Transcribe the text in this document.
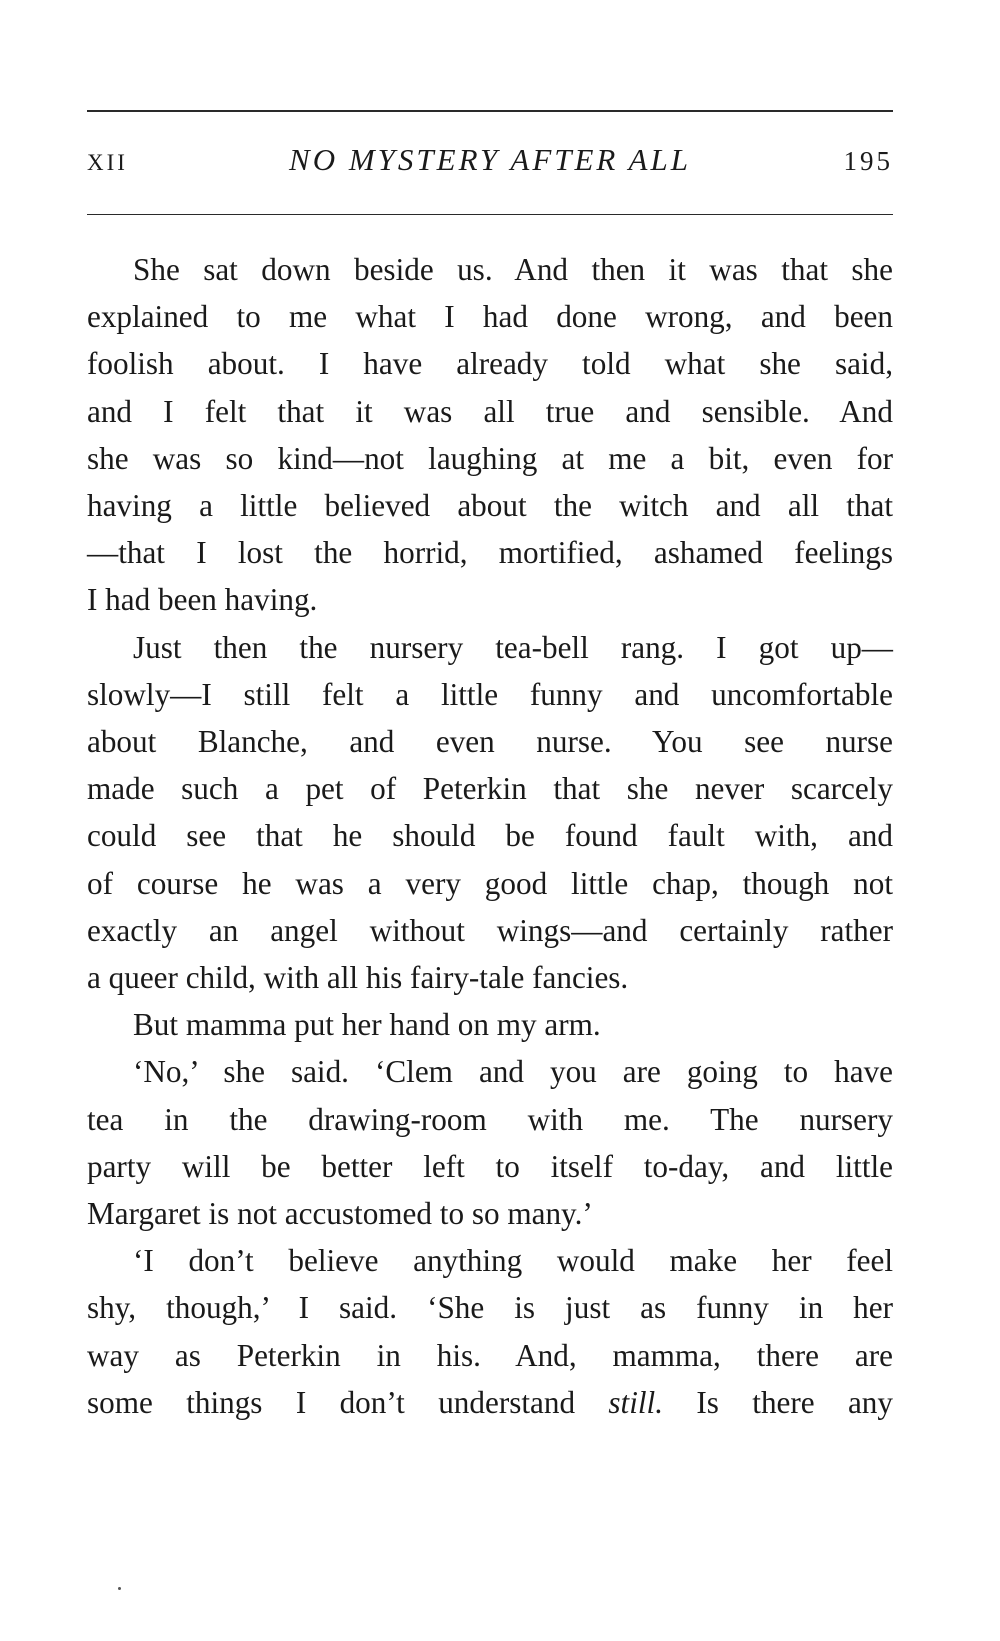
XII	NO MYSTERY AFTER ALL	195
She sat down beside us. And then it was that she
explained to me what I had done wrong, and been
foolish about. I have already told what she said,
and I felt that it was all true and sensible. And
she was so kind—not laughing at me a bit, even for
having a little believed about the witch and all that
—that I lost the horrid, mortified, ashamed feelings
I had been having.
Just then the nursery tea-bell rang. I got up—
slowly—I still felt a little funny and uncomfortable
about Blanche, and even nurse. You see nurse
made such a pet of Peterkin that she never scarcely
could see that he should be found fault with, and
of course he was a very good little chap, though not
exactly an angel without wings—and certainly rather
a queer child, with all his fairy-tale fancies.
But mamma put her hand on my arm.
‘No,’ she said. ‘Clem and you are going to have
tea in the drawing-room with me. The nursery
party will be better left to itself to-day, and little
Margaret is not accustomed to so many.’
‘I don’t believe anything would make her feel
shy, though,’ I said. ‘She is just as funny in her
way as Peterkin in his. And, mamma, there are
some things I don’t understand still. Is there any
